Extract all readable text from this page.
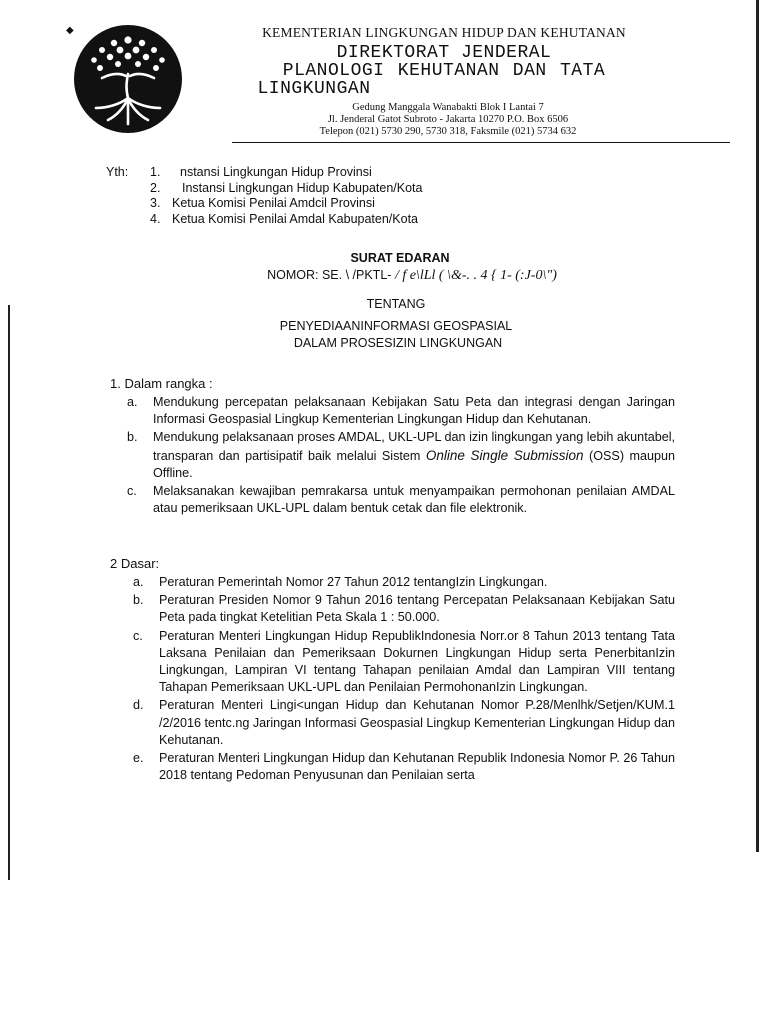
◆	KEMENTERIAN LINGKUNGAN HIDUP DAN KEHUTANAN
DIREKTORAT JENDERAL
PLANOLOGI KEHUTANAN DAN TATA
LINGKUNGAN
Gedung Manggala Wanabakti Blok I Lantai 7
Jl. Jenderal Gatot Subroto - Jakarta 10270 P.O. Box 6506
Telepon (021) 5730 290, 5730 318, Faksmile (021) 5734 632
Yth:	1.	nstansi Lingkungan Hidup Provinsi
2.	Instansi Lingkungan Hidup Kabupaten/Kota
3. Ketua Komisi Penilai Amdcil Provinsi
4. Ketua Komisi Penilai Amdal Kabupaten/Kota
SURAT EDARAN
NOMOR: SE. \ /PKTL- / f e\lLl ( \&-. . 4 { 1- (:J-0\")
TENTANG
PENYEDIAANINFORMASI GEOSPASIAL
DALAM PROSESIZIN LINGKUNGAN
1. Dalam rangka :
a.	Mendukung percepatan pelaksanaan Kebijakan Satu Peta dan integrasi dengan Jaringan Informasi Geospasial Lingkup Kementerian Lingkungan Hidup dan Kehutanan.
b.	Mendukung pelaksanaan proses AMDAL, UKL-UPL dan izin lingkungan yang lebih akuntabel, transparan dan partisipatif baik melalui Sistem Online Single Submission (OSS) maupun Offline.
c.	Melaksanakan kewajiban pemrakarsa untuk menyampaikan permohonan penilaian AMDAL atau pemeriksaan UKL-UPL dalam bentuk cetak dan file elektronik.
2 Dasar:
a.	Peraturan Pemerintah Nomor 27 Tahun 2012 tentangIzin Lingkungan.
b.	Peraturan Presiden Nomor 9 Tahun 2016 tentang Percepatan Pelaksanaan Kebijakan Satu Peta pada tingkat Ketelitian Peta Skala 1 : 50.000.
c.	Peraturan Menteri Lingkungan Hidup RepublikIndonesia Norr.or 8 Tahun 2013 tentang Tata Laksana Penilaian dan Pemeriksaan Dokurnen Lingkungan Hidup serta PenerbitanIzin Lingkungan, Lampiran VI tentang Tahapan penilaian Amdal dan Lampiran VIII tentang Tahapan Pemeriksaan UKL-UPL dan Penilaian PermohonanIzin Lingkungan.
d.	Peraturan Menteri Lingi<ungan Hidup dan Kehutanan Nomor P.28/Menlhk/Setjen/KUM.1 /2/2016 tentc.ng Jaringan Informasi Geospasial Lingkup Kementerian Lingkungan Hidup dan Kehutanan.
e.	Peraturan Menteri Lingkungan Hidup dan Kehutanan Republik Indonesia Nomor P. 26 Tahun 2018 tentang Pedoman Penyusunan dan Penilaian serta
